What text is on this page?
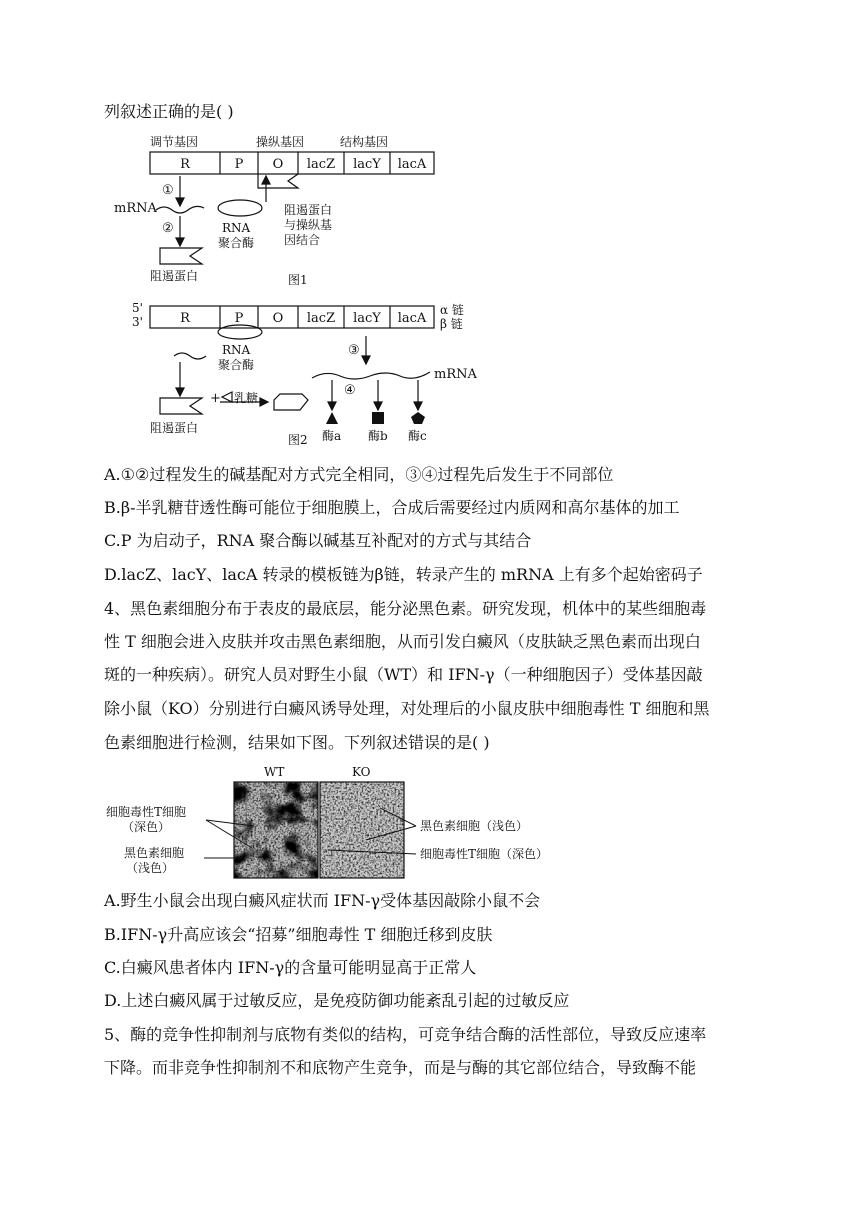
列叙述正确的是( )
调节基因	操纵基因	结构基因
R	P O lacZ lacY lacA
①
②
mRNA
RNA
聚合酶
阻遏蛋白
与操纵基
因结合
阻遏蛋白	图1
5'
3'	R	P O lacZ lacY lacA
α 链
β 链
RNA
聚合酶
③
④
mRNA
+ 乳糖
阻遏蛋白
图2 酶a 酶b 酶c
A.①②过程发生的碱基配对方式完全相同，③④过程先后发生于不同部位
B.β-半乳糖苷透性酶可能位于细胞膜上，合成后需要经过内质网和高尔基体的加工
C.P 为启动子，RNA 聚合酶以碱基互补配对的方式与其结合
D.lacZ、lacY、lacA 转录的模板链为β链，转录产生的 mRNA 上有多个起始密码子
4、黑色素细胞分布于表皮的最底层，能分泌黑色素。研究发现，机体中的某些细胞毒
性 T 细胞会进入皮肤并攻击黑色素细胞，从而引发白癜风（皮肤缺乏黑色素而出现白
斑的一种疾病）。研究人员对野生小鼠（WT）和 IFN-γ（一种细胞因子）受体基因敲
除小鼠（KO）分别进行白癜风诱导处理，对处理后的小鼠皮肤中细胞毒性 T 细胞和黑
色素细胞进行检测，结果如下图。下列叙述错误的是( )
WT	KO
细胞毒性T细胞
（深色）
黑色素细胞
（浅色）
黑色素细胞（浅色）
细胞毒性T细胞（深色）
A.野生小鼠会出现白癜风症状而 IFN-γ受体基因敲除小鼠不会
B.IFN-γ升高应该会“招募”细胞毒性 T 细胞迁移到皮肤
C.白癜风患者体内 IFN-γ的含量可能明显高于正常人
D.上述白癜风属于过敏反应，是免疫防御功能紊乱引起的过敏反应
5、酶的竞争性抑制剂与底物有类似的结构，可竞争结合酶的活性部位，导致反应速率
下降。而非竞争性抑制剂不和底物产生竞争，而是与酶的其它部位结合，导致酶不能
